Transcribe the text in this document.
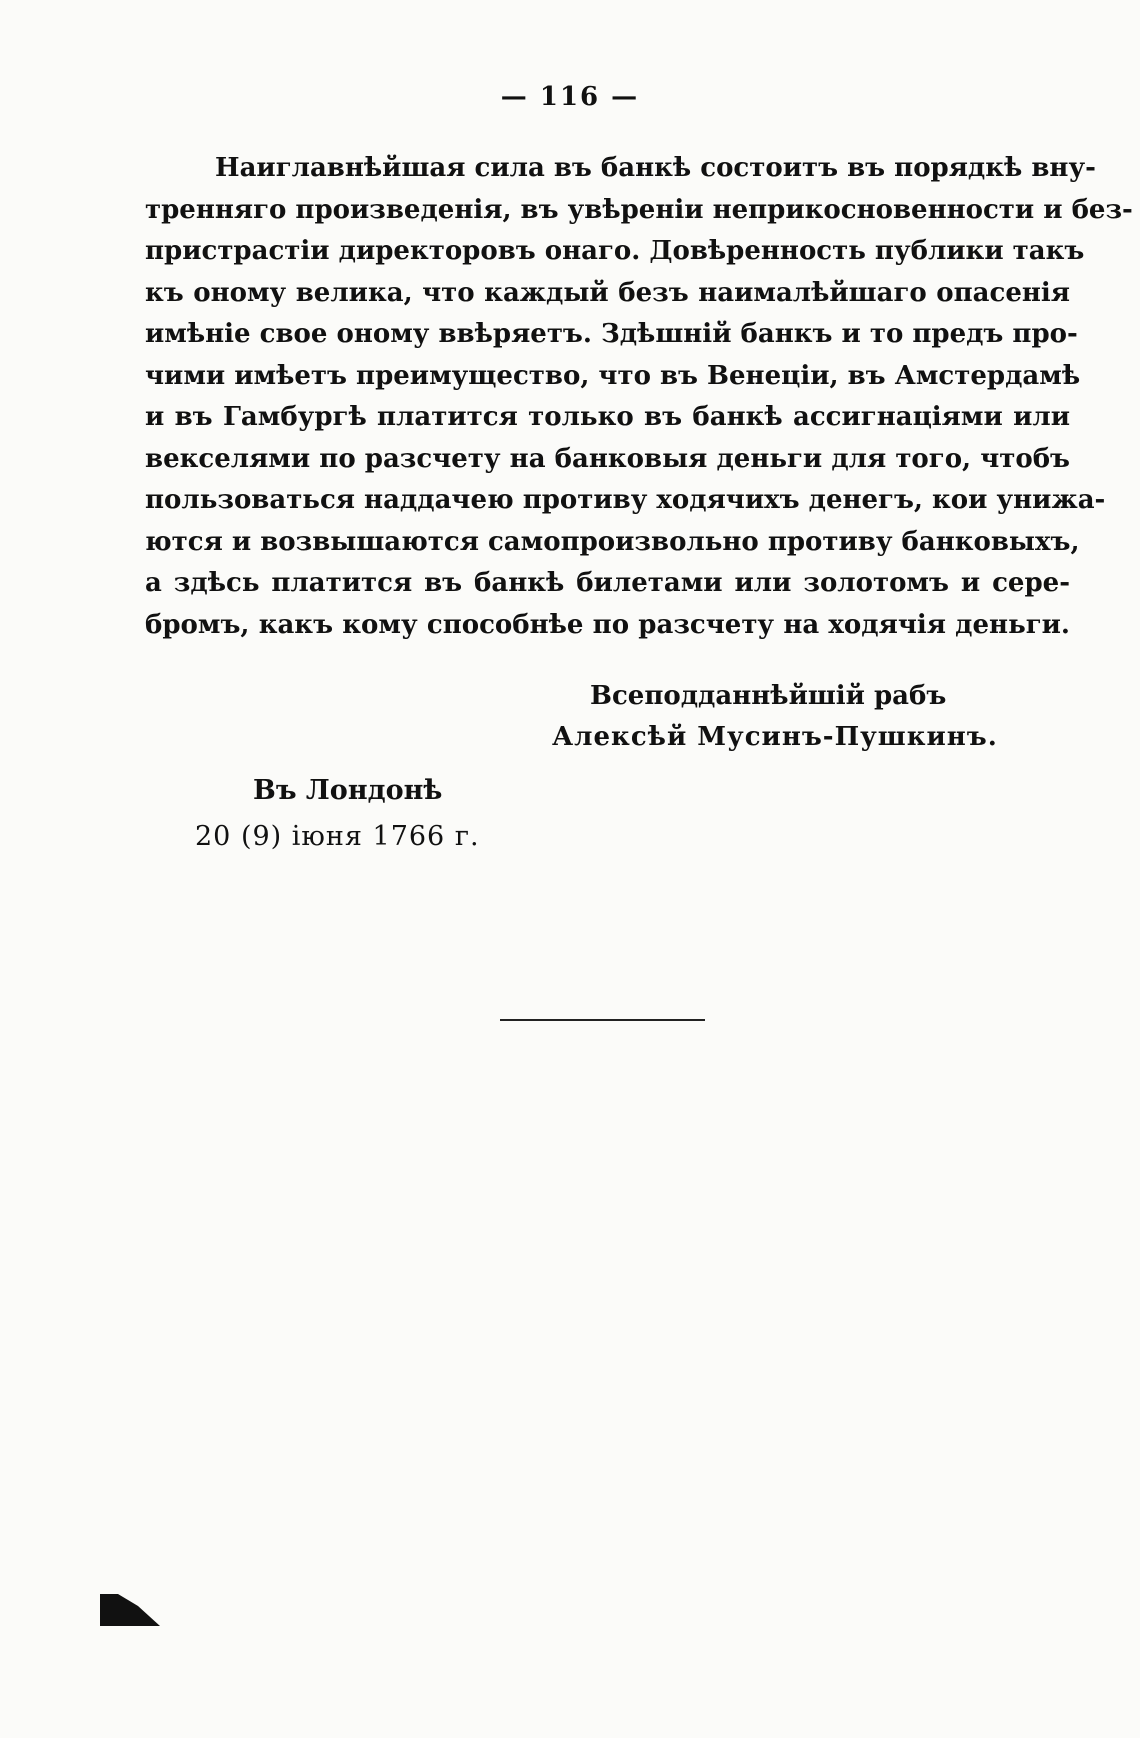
— 116 —
Наиглавнѣйшая сила въ банкѣ состоитъ въ порядкѣ вну-
тренняго произведенія, въ увѣреніи неприкосновенности и без-
пристрастіи директоровъ онаго. Довѣренность публики такъ
къ оному велика, что каждый безъ наималѣйшаго опасенія
имѣніе свое оному ввѣряетъ. Здѣшній банкъ и то предъ про-
чими имѣетъ преимущество, что въ Венеціи, въ Амстердамѣ
и въ Гамбургѣ платится только въ банкѣ ассигнаціями или
векселями по разсчету на банковыя деньги для того, чтобъ
пользоваться наддачею противу ходячихъ денегъ, кои унижа-
ются и возвышаются самопроизвольно противу банковыхъ,
а здѣсь платится въ банкѣ билетами или золотомъ и сере-
бромъ, какъ кому способнѣе по разсчету на ходячія деньги.
Всеподданнѣйшій рабъ
Алексѣй Мусинъ-Пушкинъ.
Въ Лондонѣ
20 (9) іюня 1766 г.
